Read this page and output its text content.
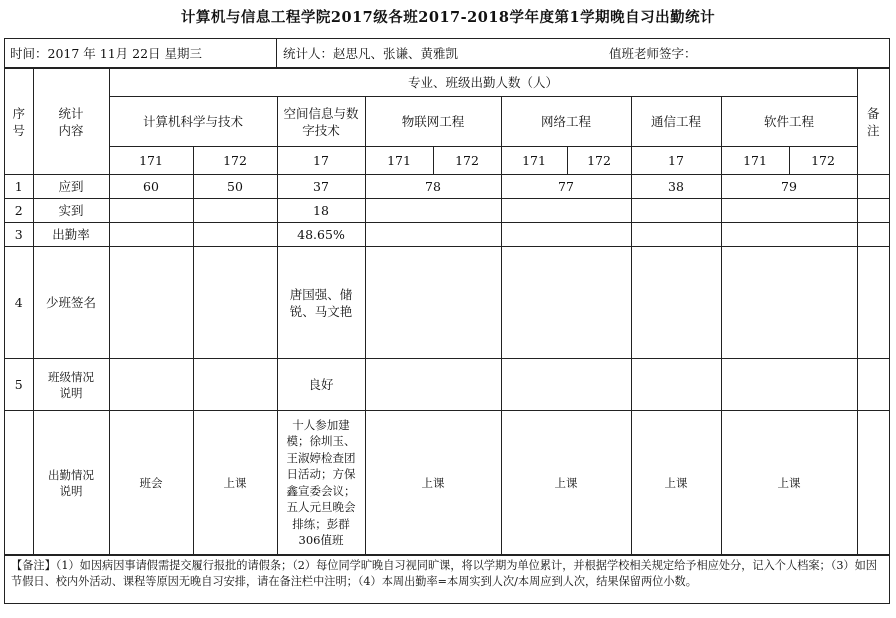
计算机与信息工程学院2017级各班2017-2018学年度第1学期晚自习出勤统计
时间：2017 年 11月 22日 星期三	统计人：赵思凡、张谦、黄雅凯	值班老师签字：
序号	统计内容	专业、班级出勤人数（人）										备注
		计算机科学与技术		空间信息与数字技术	物联网工程		网络工程		通信工程	软件工程		
		171	172	17	171	172	171	172	17	171	172	
1	应到	60	50	37	78		77		38	79		
2	实到			18								
3	出勤率			48.65%								
4	少班签名			唐国强、储锐、马文艳								
5	班级情况说明			良好								
	出勤情况说明	班会	上课	十人参加建模；徐圳玉、王淑婷检查团日活动；方保鑫宣委会议；五人元旦晚会排练；彭群306值班	上课		上课		上课	上课		
【备注】（1）如因病因事请假需提交履行报批的请假条；（2）每位同学旷晚自习视同旷课，将以学期为单位累计，并根据学校相关规定给予相应处分，记入个人档案；（3）如因节假日、校内外活动、课程等原因无晚自习安排，请在备注栏中注明；（4）本周出勤率=本周实到人次/本周应到人次，结果保留两位小数。
